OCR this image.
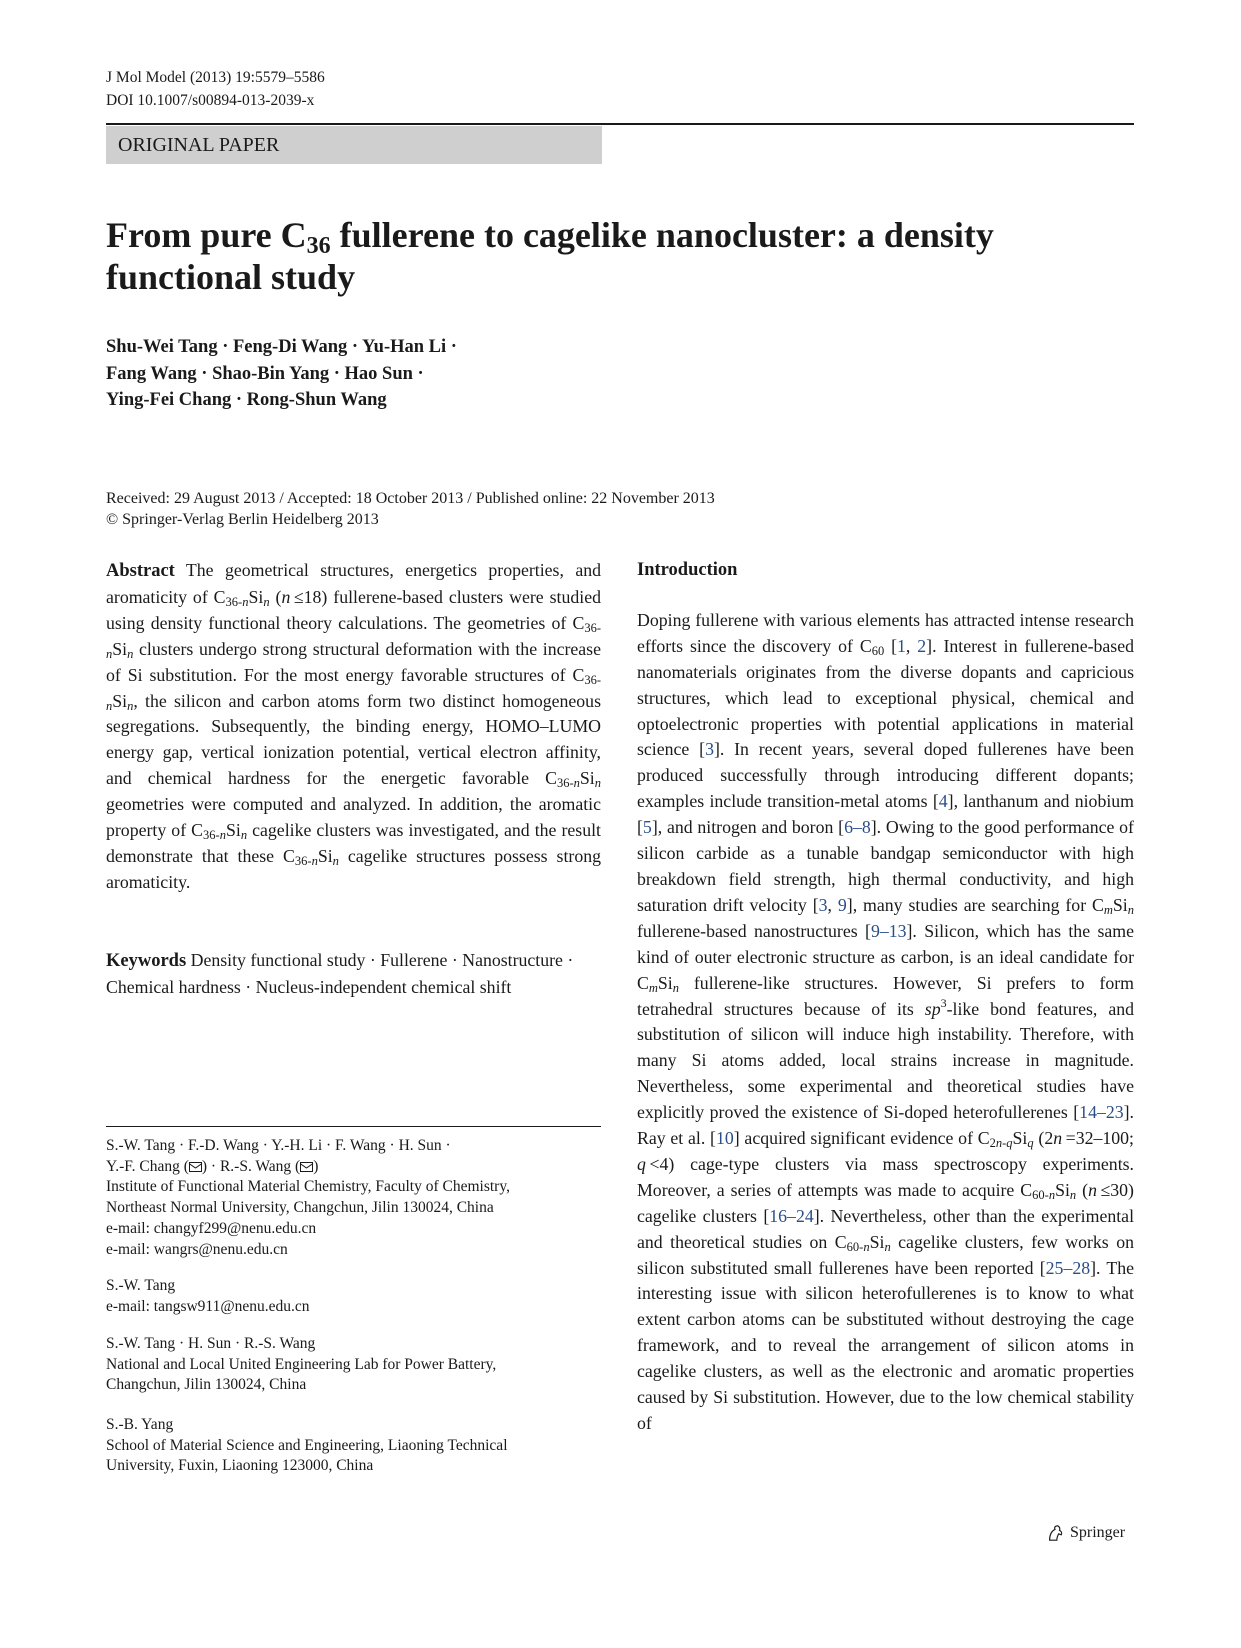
J Mol Model (2013) 19:5579–5586
DOI 10.1007/s00894-013-2039-x
ORIGINAL PAPER
From pure $C_{36}$ fullerene to cagelike nanocluster: a density
functional study
Shu-Wei Tang · Feng-Di Wang · Yu-Han Li ·
Fang Wang · Shao-Bin Yang · Hao Sun ·
Ying-Fei Chang · Rong-Shun Wang
Received: 29 August 2013 / Accepted: 18 October 2013 / Published online: 22 November 2013
© Springer-Verlag Berlin Heidelberg 2013

Abstract The geometrical structures, energetics properties, and aromaticity of $C_{36-n}Si_n$ (n ≤18) fullerene-based clusters were studied using density functional theory calculations. The geometries of $C_{36-n}Si_n$ clusters undergo strong structural deformation with the increase of Si substitution. For the most energy favorable structures of $C_{36-n}Si_n$, the silicon and carbon atoms form two distinct homogeneous segregations. Subsequently, the binding energy, HOMO–LUMO energy gap, vertical ionization potential, vertical electron affinity, and chemical hardness for the energetic favorable $C_{36-n}Si_n$ geometries were computed and analyzed. In addition, the aromatic property of $C_{36-n}Si_n$ cagelike clusters was investigated, and the result demonstrate that these $C_{36-n}Si_n$ cagelike structures possess strong aromaticity.

Keywords Density functional study · Fullerene · Nanostructure · Chemical hardness · Nucleus-independent chemical shift

S.-W. Tang · F.-D. Wang · Y.-H. Li · F. Wang · H. Sun ·

Y.-F. Chang ( ) · R.-S. Wang ( )

Institute of Functional Material Chemistry, Faculty of Chemistry,

Northeast Normal University, Changchun, Jilin 130024, China

e-mail: changyf299@nenu.edu.cn

e-mail: wangrs@nenu.edu.cn

S.-W. Tang

e-mail: tangsw911@nenu.edu.cn

S.-W. Tang · H. Sun · R.-S. Wang

National and Local United Engineering Lab for Power Battery,

Changchun, Jilin 130024, China

S.-B. Yang

School of Material Science and Engineering, Liaoning Technical

University, Fuxin, Liaoning 123000, China

Introduction

Doping fullerene with various elements has attracted intense research efforts since the discovery of $C_{60}$ [1, 2]. Interest in fullerene-based nanomaterials originates from the diverse dopants and capricious structures, which lead to exceptional physical, chemical and optoelectronic properties with potential applications in material science [3]. In recent years, several doped fullerenes have been produced successfully through introducing different dopants; examples include transition-metal atoms [4], lanthanum and niobium [5], and nitrogen and boron [6–8]. Owing to the good performance of silicon carbide as a tunable bandgap semiconductor with high breakdown field strength, high thermal conductivity, and high saturation drift velocity [3, 9], many studies are searching for $C_mSi_n$ fullerene-based nanostructures [9–13]. Silicon, which has the same kind of outer electronic structure as carbon, is an ideal candidate for $C_mSi_n$ fullerene-like structures. However, Si prefers to form tetrahedral structures because of its $sp^3$-like bond features, and substitution of silicon will induce high instability. Therefore, with many Si atoms added, local strains increase in magnitude. Nevertheless, some experimental and theoretical studies have explicitly proved the existence of Si-doped heterofullerenes [14–23]. Ray et al. [10] acquired significant evidence of $C_{2n-q}Si_q$ (2n =32–100; q <4) cage-type clusters via mass spectroscopy experiments. Moreover, a series of attempts was made to acquire $C_{60-n}Si_n$ (n ≤30) cagelike clusters [16–24]. Nevertheless, other than the experimental and theoretical studies on $C_{60-n}Si_n$ cagelike clusters, few works on silicon substituted small fullerenes have been reported [25–28]. The interesting issue with silicon heterofullerenes is to know to what extent carbon atoms can be substituted without destroying the cage framework, and to reveal the arrangement of silicon atoms in cagelike clusters, as well as the electronic and aromatic properties caused by Si substitution. However, due to the low chemical stability of

Springer
